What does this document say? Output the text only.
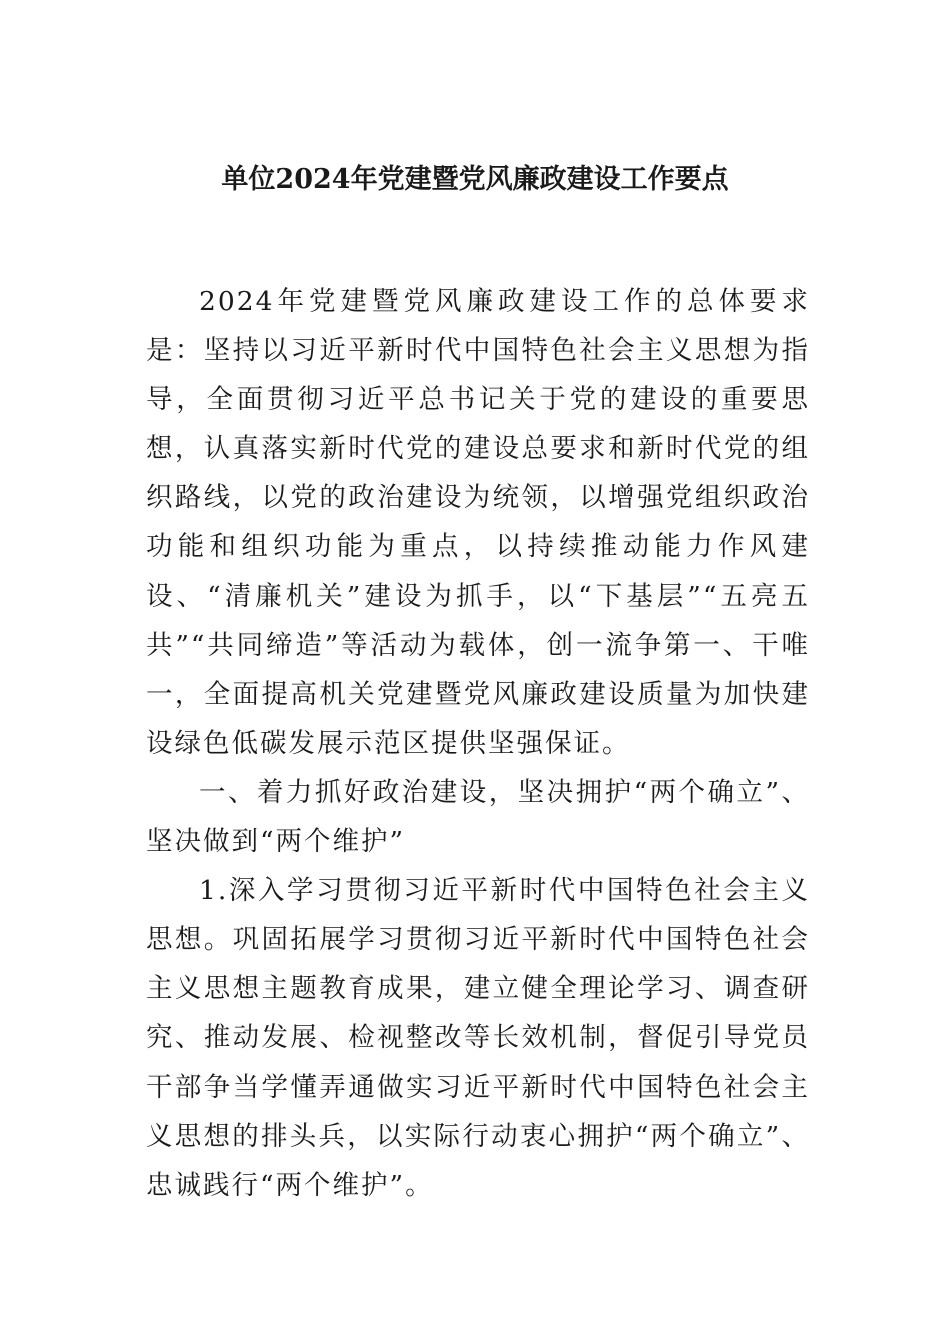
单位2024年党建暨党风廉政建设工作要点

2024年党建暨党风廉政建设工作的总体要求是：坚持以习近平新时代中国特色社会主义思想为指导，全面贯彻习近平总书记关于党的建设的重要思想，认真落实新时代党的建设总要求和新时代党的组织路线，以党的政治建设为统领，以增强党组织政治功能和组织功能为重点，以持续推动能力作风建设、“清廉机关”建设为抓手，以“下基层”“五亮五共”“共同缔造”等活动为载体，创一流争第一、干唯一，全面提高机关党建暨党风廉政建设质量为加快建设绿色低碳发展示范区提供坚强保证。

一、着力抓好政治建设，坚决拥护“两个确立”、坚决做到“两个维护”

1.深入学习贯彻习近平新时代中国特色社会主义思想。巩固拓展学习贯彻习近平新时代中国特色社会主义思想主题教育成果，建立健全理论学习、调查研究、推动发展、检视整改等长效机制，督促引导党员干部争当学懂弄通做实习近平新时代中国特色社会主义思想的排头兵，以实际行动衷心拥护“两个确立”、忠诚践行“两个维护”。
